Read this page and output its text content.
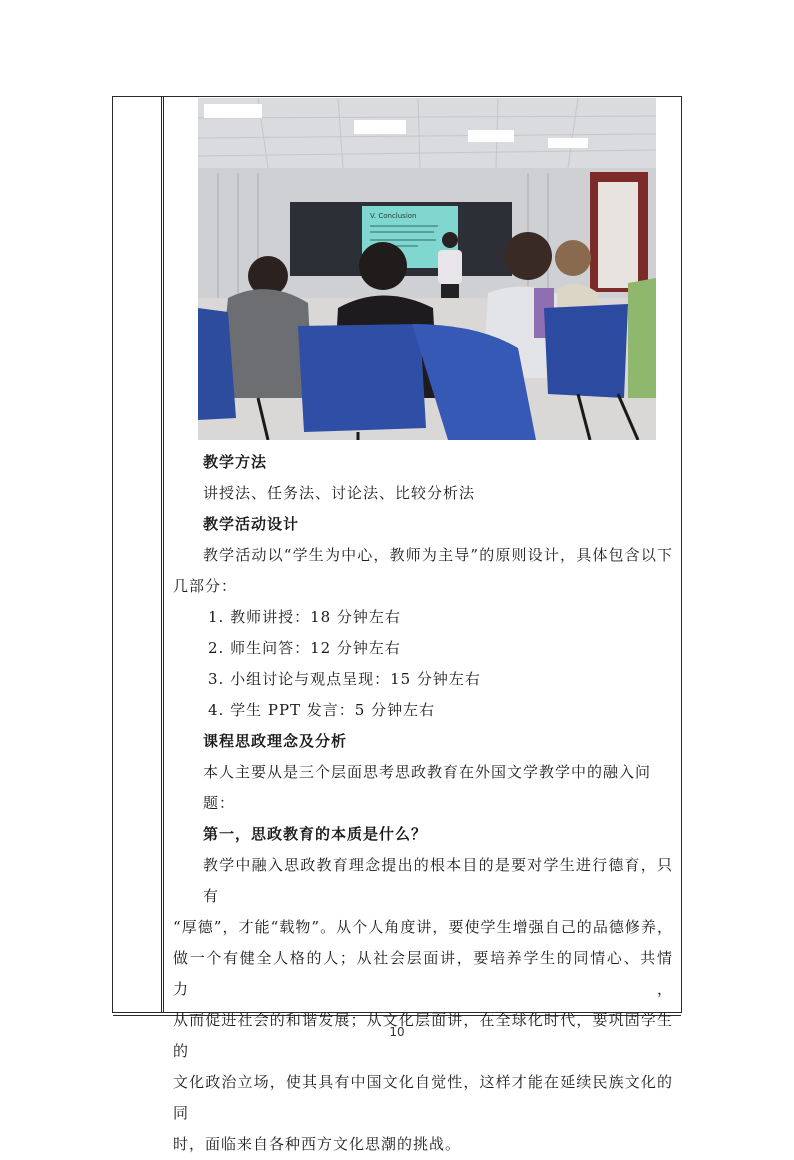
V. Conclusion
教学方法
讲授法、任务法、讨论法、比较分析法
教学活动设计
教学活动以“学生为中心，教师为主导”的原则设计，具体包含以下
几部分：
1. 教师讲授：18 分钟左右
2. 师生问答：12 分钟左右
3. 小组讨论与观点呈现：15 分钟左右
4. 学生 PPT 发言：5 分钟左右
课程思政理念及分析
本人主要从是三个层面思考思政教育在外国文学教学中的融入问题：
第一，思政教育的本质是什么？
教学中融入思政教育理念提出的根本目的是要对学生进行德育，只有
“厚德”，才能“载物”。从个人角度讲，要使学生增强自己的品德修养，
做一个有健全人格的人；从社会层面讲，要培养学生的同情心、共情力，
从而促进社会的和谐发展；从文化层面讲，在全球化时代，要巩固学生的
文化政治立场，使其具有中国文化自觉性，这样才能在延续民族文化的同
时，面临来自各种西方文化思潮的挑战。
10
